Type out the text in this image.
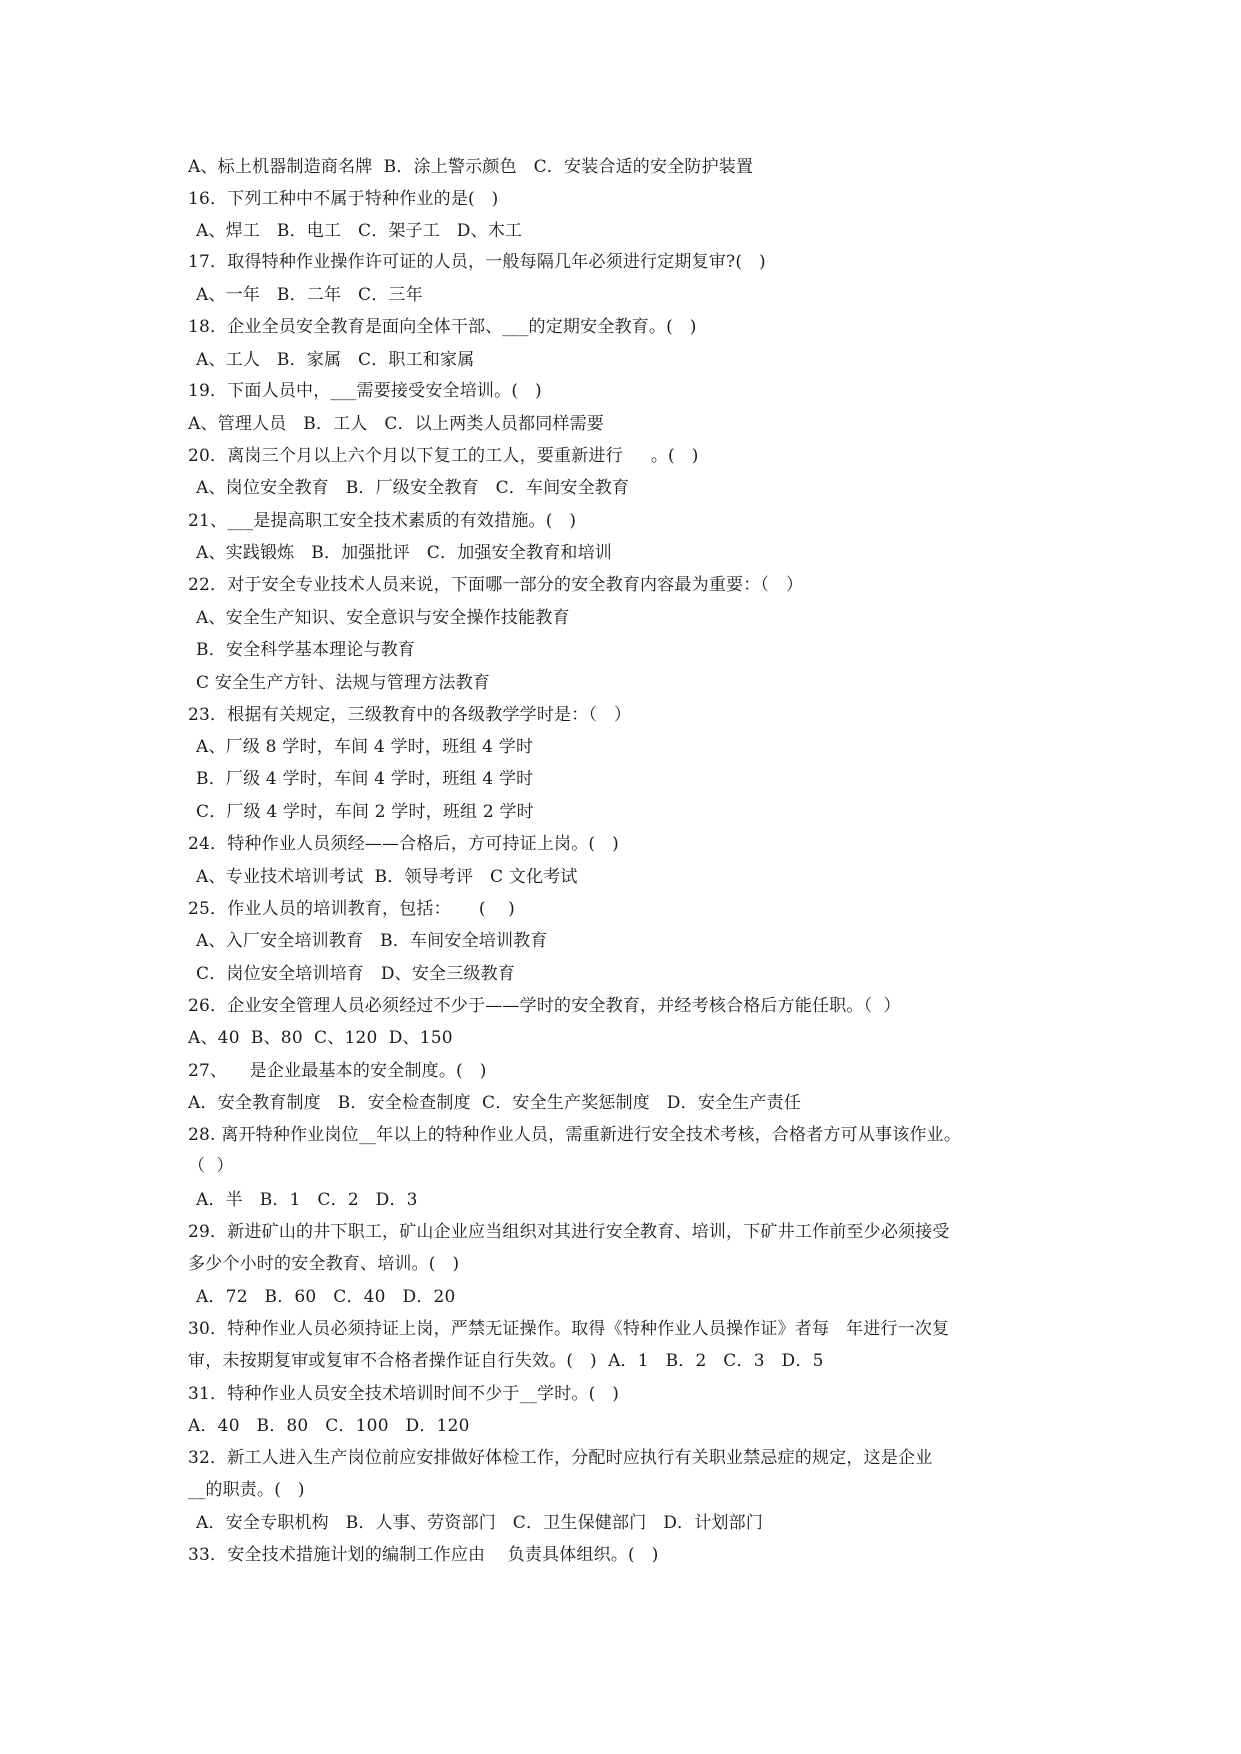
A、标上机器制造商名牌  B．涂上警示颜色   C．安装合适的安全防护装置
16．下列工种中不属于特种作业的是(   )
A、焊工   B．电工   C．架子工   D、木工
17．取得特种作业操作许可证的人员，一般每隔几年必须进行定期复审?(   )
A、一年   B．二年   C．三年
18．企业全员安全教育是面向全体干部、___的定期安全教育。(   )
A、工人   B．家属   C．职工和家属
19．下面人员中，___需要接受安全培训。(   )
A、管理人员   B．工人   C．以上两类人员都同样需要
20．离岗三个月以上六个月以下复工的工人，要重新进行     。(   )
A、岗位安全教育   B．厂级安全教育   C．车间安全教育
21、___是提高职工安全技术素质的有效措施。(   )
A、实践锻炼   B．加强批评   C．加强安全教育和培训
22．对于安全专业技术人员来说，下面哪一部分的安全教育内容最为重要：（   ）
A、安全生产知识、安全意识与安全操作技能教育
B．安全科学基本理论与教育
C 安全生产方针、法规与管理方法教育
23．根据有关规定，三级教育中的各级教学学时是：（   ）
A、厂级 8 学时，车间 4 学时，班组 4 学时
B．厂级 4 学时，车间 4 学时，班组 4 学时
C．厂级 4 学时，车间 2 学时，班组 2 学时
24．特种作业人员须经——合格后，方可持证上岗。(   )
A、专业技术培训考试  B．领导考评   C 文化考试
25．作业人员的培训教育，包括：     (    )
A、入厂安全培训教育   B．车间安全培训教育
C．岗位安全培训培育   D、安全三级教育
26．企业安全管理人员必须经过不少于——学时的安全教育，并经考核合格后方能任职。（  ）
A、40  B、80  C、120  D、150
27、    是企业最基本的安全制度。(   )
A．安全教育制度   B．安全检查制度  C．安全生产奖惩制度   D．安全生产责任
28. 离开特种作业岗位__年以上的特种作业人员，需重新进行安全技术考核，合格者方可从事该作业。
（  ）
A．半   B．1   C．2   D．3
29．新进矿山的井下职工，矿山企业应当组织对其进行安全教育、培训，下矿井工作前至少必须接受
多少个小时的安全教育、培训。(   )
A．72   B．60   C．40   D．20
30．特种作业人员必须持证上岗，严禁无证操作。取得《特种作业人员操作证》者每   年进行一次复
审，未按期复审或复审不合格者操作证自行失效。(   )  A．1   B．2   C．3   D．5
31．特种作业人员安全技术培训时间不少于__学时。(   )
A．40   B．80   C．100   D．120
32．新工人进入生产岗位前应安排做好体检工作，分配时应执行有关职业禁忌症的规定，这是企业
__的职责。(   )
A．安全专职机构   B．人事、劳资部门   C．卫生保健部门   D．计划部门
33．安全技术措施计划的编制工作应由    负责具体组织。(   )
